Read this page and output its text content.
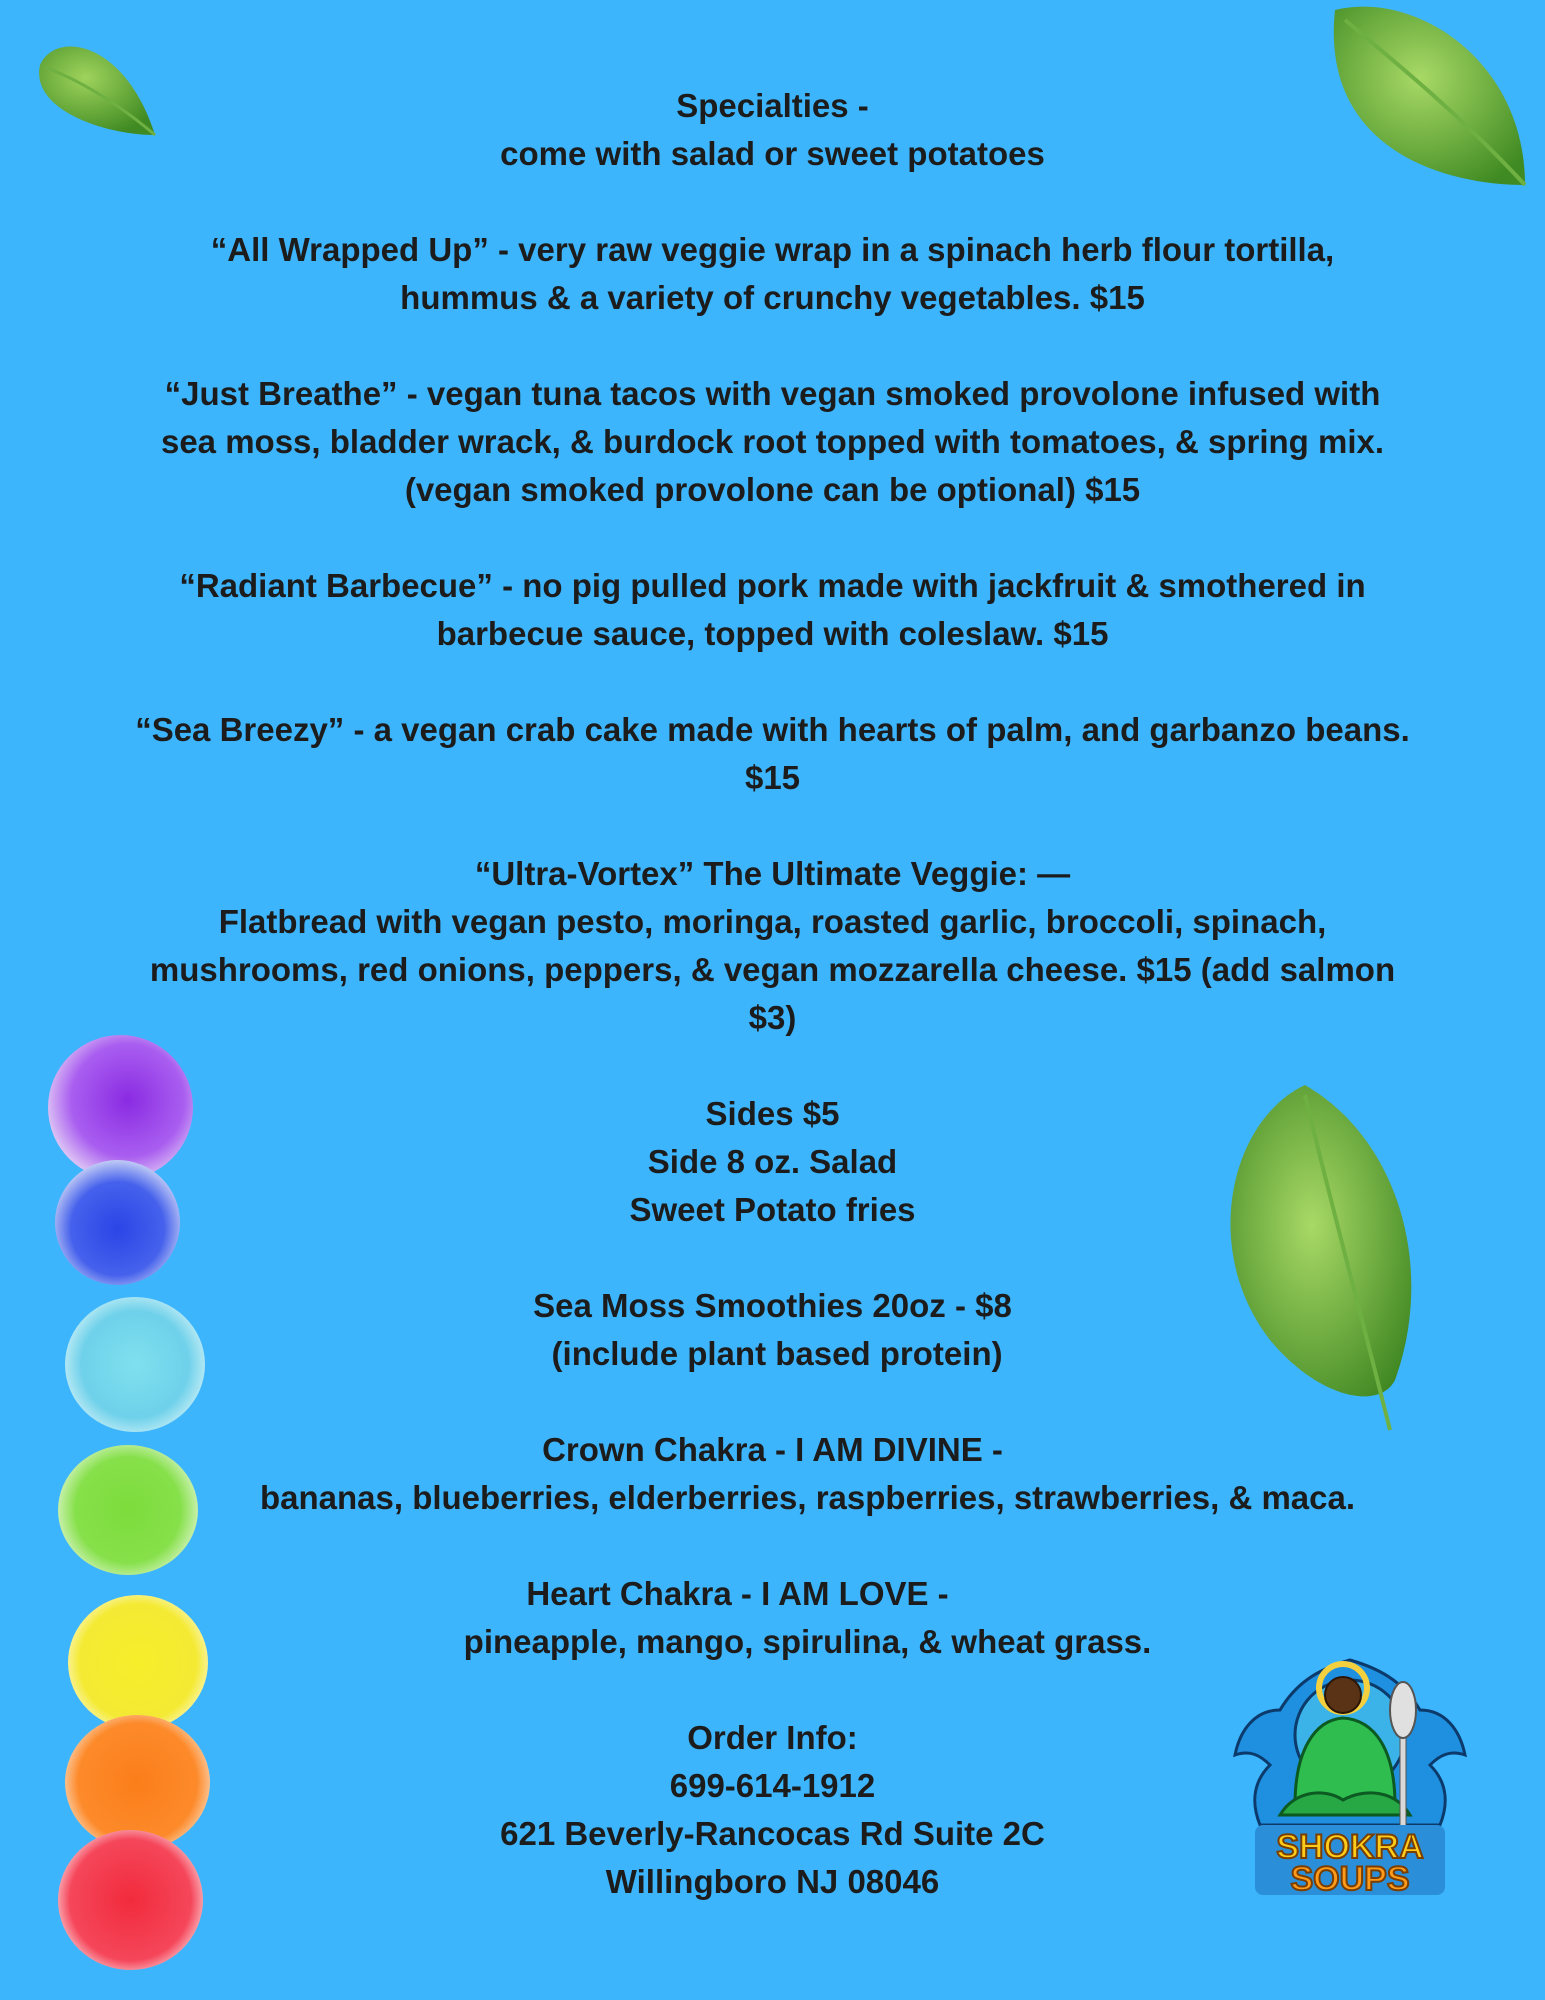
Specialties -
come with salad or sweet potatoes
“All Wrapped Up” - very raw veggie wrap in a spinach herb flour tortilla,
hummus & a variety of crunchy vegetables. $15
“Just Breathe” - vegan tuna tacos with vegan smoked provolone infused with
sea moss, bladder wrack, & burdock root topped with tomatoes, & spring mix.
(vegan smoked provolone can be optional) $15
“Radiant Barbecue” - no pig pulled pork made with jackfruit & smothered in
barbecue sauce, topped with coleslaw. $15
“Sea Breezy” - a vegan crab cake made with hearts of palm, and garbanzo beans.
$15
“Ultra-Vortex” The Ultimate Veggie: —
Flatbread with vegan pesto, moringa, roasted garlic, broccoli, spinach,
mushrooms, red onions, peppers, & vegan mozzarella cheese. $15 (add salmon
$3)
Sides $5
Side 8 oz. Salad
Sweet Potato fries
Sea Moss Smoothies 20oz - $8
(include plant based protein)
Crown Chakra - I AM DIVINE -
bananas, blueberries, elderberries, raspberries, strawberries, & maca.
Heart Chakra - I AM LOVE -
pineapple, mango, spirulina, & wheat grass.
Order Info:
699-614-1912
621 Beverly-Rancocas Rd Suite 2C
Willingboro NJ 08046
SHOKRA
SOUPS
